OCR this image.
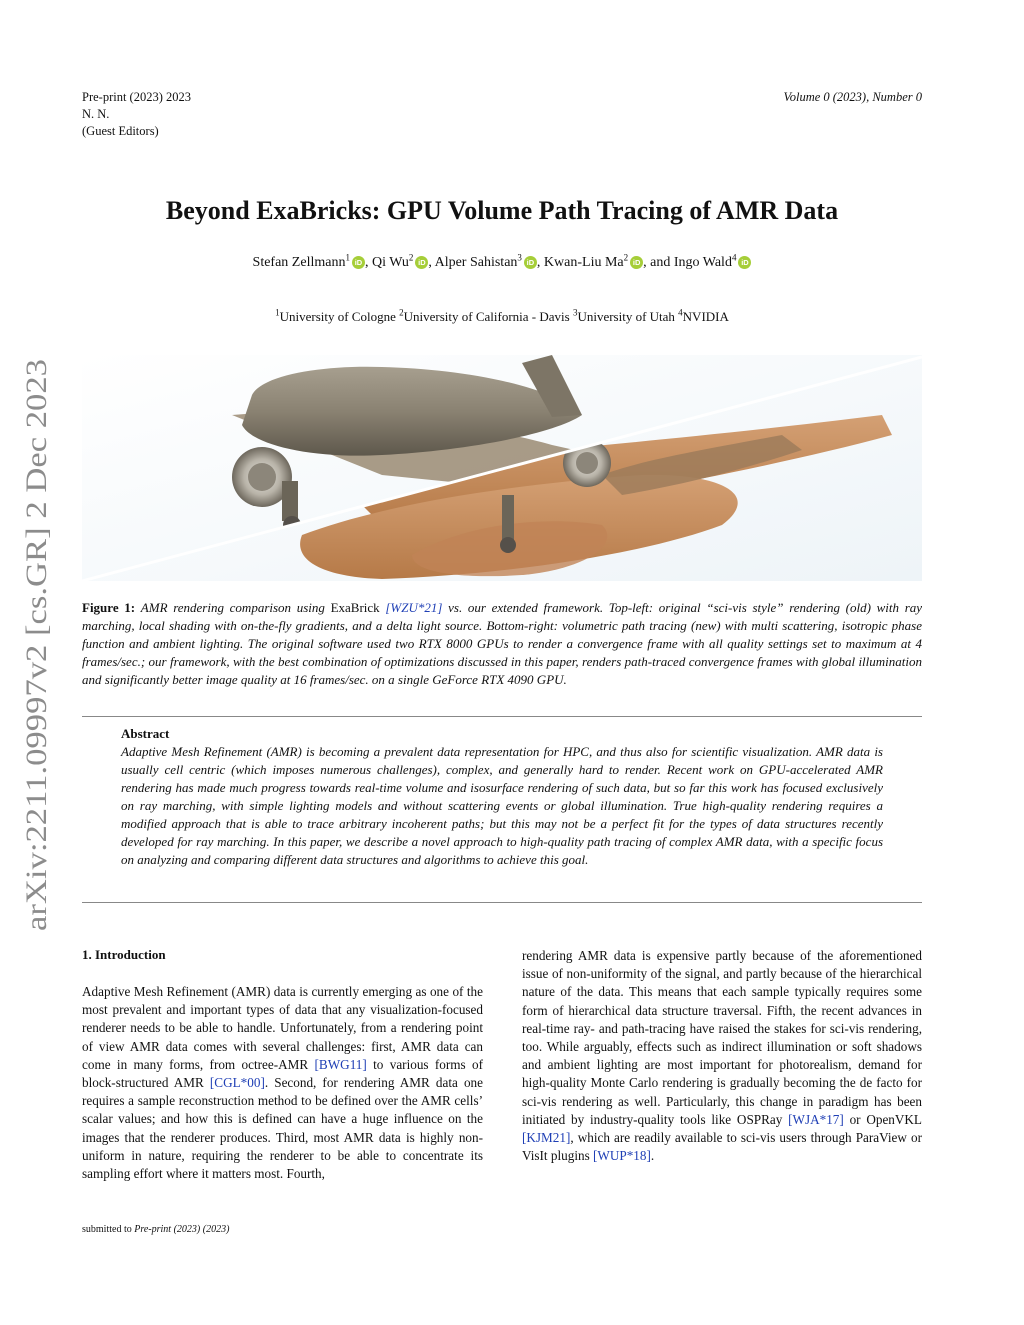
Pre-print (2023) 2023
N. N.
(Guest Editors)
Volume 0 (2023), Number 0
arXiv:2211.09997v2 [cs.GR] 2 Dec 2023
Beyond ExaBricks: GPU Volume Path Tracing of AMR Data
Stefan Zellmann$^1$iD , Qi Wu$^2$iD , Alper Sahistan$^3$iD , Kwan-Liu Ma$^2$iD , and Ingo Wald$^4$iD
$^1$University of Cologne $^2$University of California - Davis $^3$University of Utah $^4$NVIDIA
Figure 1: AMR rendering comparison using ExaBrick [WZU*21] vs. our extended framework. Top-left: original “sci-vis style” rendering (old) with ray marching, local shading with on-the-fly gradients, and a delta light source. Bottom-right: volumetric path tracing (new) with multi scattering, isotropic phase function and ambient lighting. The original software used two RTX 8000 GPUs to render a convergence frame with all quality settings set to maximum at 4 frames/sec.; our framework, with the best combination of optimizations discussed in this paper, renders path-traced convergence frames with global illumination and significantly better image quality at 16 frames/sec. on a single GeForce RTX 4090 GPU.
Abstract
Adaptive Mesh Refinement (AMR) is becoming a prevalent data representation for HPC, and thus also for scientific visualization. AMR data is usually cell centric (which imposes numerous challenges), complex, and generally hard to render. Recent work on GPU-accelerated AMR rendering has made much progress towards real-time volume and isosurface rendering of such data, but so far this work has focused exclusively on ray marching, with simple lighting models and without scattering events or global illumination. True high-quality rendering requires a modified approach that is able to trace arbitrary incoherent paths; but this may not be a perfect fit for the types of data structures recently developed for ray marching. In this paper, we describe a novel approach to high-quality path tracing of complex AMR data, with a specific focus on analyzing and comparing different data structures and algorithms to achieve this goal.
1. Introduction
Adaptive Mesh Refinement (AMR) data is currently emerging as one of the most prevalent and important types of data that any visualization-focused renderer needs to be able to handle. Unfortunately, from a rendering point of view AMR data comes with several challenges: first, AMR data can come in many forms, from octree-AMR [BWG11] to various forms of block-structured AMR [CGL*00]. Second, for rendering AMR data one requires a sample reconstruction method to be defined over the AMR cells’ scalar values; and how this is defined can have a huge influence on the images that the renderer produces. Third, most AMR data is highly non-uniform in nature, requiring the renderer to be able to concentrate its sampling effort where it matters most. Fourth,
rendering AMR data is expensive partly because of the aforementioned issue of non-uniformity of the signal, and partly because of the hierarchical nature of the data. This means that each sample typically requires some form of hierarchical data structure traversal. Fifth, the recent advances in real-time ray- and path-tracing have raised the stakes for sci-vis rendering, too. While arguably, effects such as indirect illumination or soft shadows and ambient lighting are most important for photorealism, demand for high-quality Monte Carlo rendering is gradually becoming the de facto for sci-vis rendering as well. Particularly, this change in paradigm has been initiated by industry-quality tools like OSPRay [WJA*17] or OpenVKL [KJM21], which are readily available to sci-vis users through ParaView or VisIt plugins [WUP*18].
submitted to Pre-print (2023) (2023)
